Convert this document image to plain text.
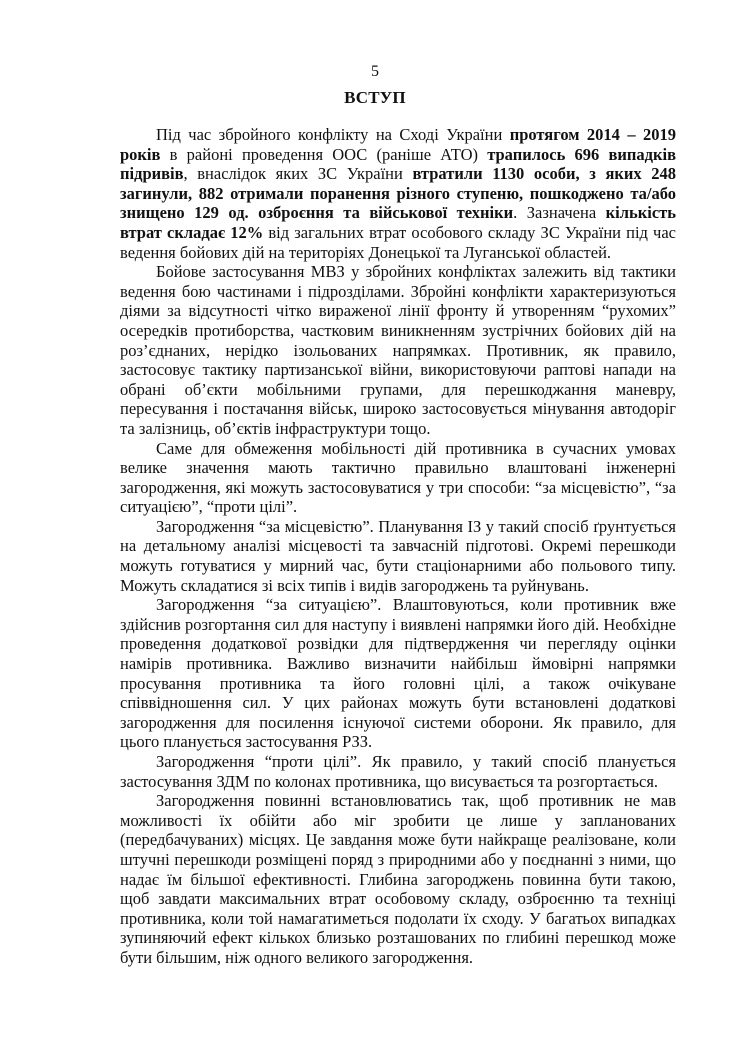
5
ВСТУП

Під час збройного конфлікту на Сході України протягом 2014 – 2019 років в районі проведення ООС (раніше АТО) трапилось 696 випадків підривів, внаслідок яких ЗС України втратили 1130 особи, з яких 248 загинули, 882 отримали поранення різного ступеню, пошкоджено та/або знищено 129 од. озброєння та військової техніки. Зазначена кількість втрат складає 12% від загальних втрат особового складу ЗС України під час ведення бойових дій на територіях Донецької та Луганської областей.

Бойове застосування МВЗ у збройних конфліктах залежить від тактики ведення бою частинами і підрозділами. Збройні конфлікти характеризуються діями за відсутності чітко вираженої лінії фронту й утворенням “рухомих” осередків протиборства, частковим виникненням зустрічних бойових дій на роз’єднаних, нерідко ізольованих напрямках. Противник, як правило, застосовує тактику партизанської війни, використовуючи раптові напади на обрані об’єкти мобільними групами, для перешкоджання маневру, пересування і постачання військ, широко застосовується мінування автодоріг та залізниць, об’єктів інфраструктури тощо.

Саме для обмеження мобільності дій противника в сучасних умовах велике значення мають тактично правильно влаштовані інженерні загородження, які можуть застосовуватися у три способи: “за місцевістю”, “за ситуацією”, “проти цілі”.

Загородження “за місцевістю”. Планування ІЗ у такий спосіб ґрунтується на детальному аналізі місцевості та завчасній підготові. Окремі перешкоди можуть готуватися у мирний час, бути стаціонарними або польового типу. Можуть складатися зі всіх типів і видів загороджень та руйнувань.

Загородження “за ситуацією”. Влаштовуються, коли противник вже здійснив розгортання сил для наступу і виявлені напрямки його дій. Необхідне проведення додаткової розвідки для підтвердження чи перегляду оцінки намірів противника. Важливо визначити найбільш ймовірні напрямки просування противника та його головні цілі, а також очікуване співвідношення сил. У цих районах можуть бути встановлені додаткові загородження для посилення існуючої системи оборони. Як правило, для цього планується застосування РЗЗ.

Загородження “проти цілі”. Як правило, у такий спосіб планується застосування ЗДМ по колонах противника, що висувається та розгортається.

Загородження повинні встановлюватись так, щоб противник не мав можливості їх обійти або міг зробити це лише у запланованих (передбачуваних) місцях. Це завдання може бути найкраще реалізоване, коли штучні перешкоди розміщені поряд з природними або у поєднанні з ними, що надає їм більшої ефективності. Глибина загороджень повинна бути такою, щоб завдати максимальних втрат особовому складу, озброєнню та техніці противника, коли той намагатиметься подолати їх сходу. У багатьох випадках зупиняючий ефект кількох близько розташованих по глибині перешкод може бути більшим, ніж одного великого загородження.
